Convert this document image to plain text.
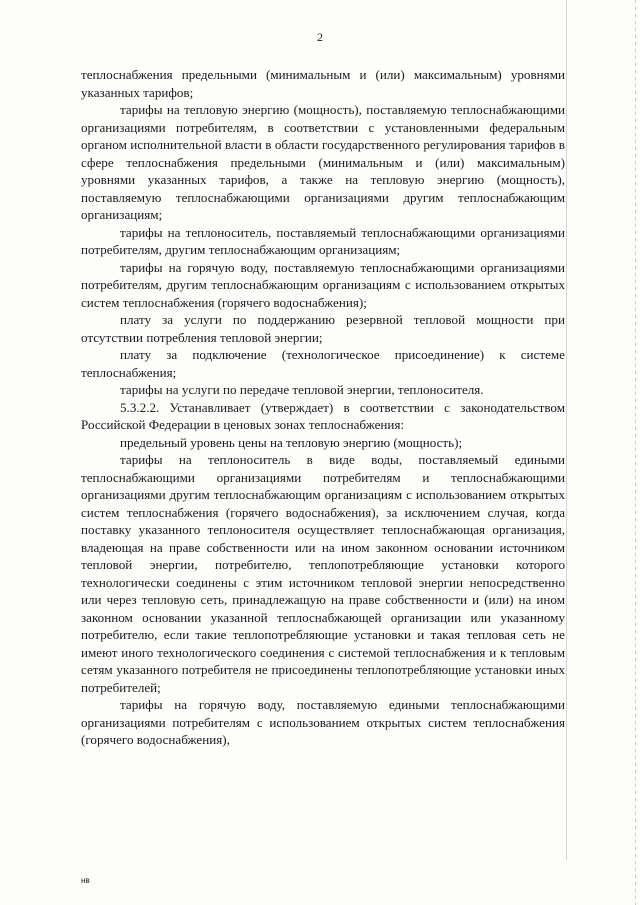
2

теплоснабжения предельными (минимальным и (или) максимальным) уровнями указанных тарифов;

тарифы на тепловую энергию (мощность), поставляемую теплоснабжающими организациями потребителям, в соответствии с установленными федеральным органом исполнительной власти в области государственного регулирования тарифов в сфере теплоснабжения предельными (минимальным и (или) максимальным) уровнями указанных тарифов, а также на тепловую энергию (мощность), поставляемую теплоснабжающими организациями другим теплоснабжающим организациям;

тарифы на теплоноситель, поставляемый теплоснабжающими организациями потребителям, другим теплоснабжающим организациям;

тарифы на горячую воду, поставляемую теплоснабжающими организациями потребителям, другим теплоснабжающим организациям с использованием открытых систем теплоснабжения (горячего водоснабжения);

плату за услуги по поддержанию резервной тепловой мощности при отсутствии потребления тепловой энергии;

плату за подключение (технологическое присоединение) к системе теплоснабжения;

тарифы на услуги по передаче тепловой энергии, теплоносителя.

5.3.2.2. Устанавливает (утверждает) в соответствии с законодательством Российской Федерации в ценовых зонах теплоснабжения:

предельный уровень цены на тепловую энергию (мощность);

тарифы на теплоноситель в виде воды, поставляемый едиными теплоснабжающими организациями потребителям и теплоснабжающими организациями другим теплоснабжающим организациям с использованием открытых систем теплоснабжения (горячего водоснабжения), за исключением случая, когда поставку указанного теплоносителя осуществляет теплоснабжающая организация, владеющая на праве собственности или на ином законном основании источником тепловой энергии, потребителю, теплопотребляющие установки которого технологически соединены с этим источником тепловой энергии непосредственно или через тепловую сеть, принадлежащую на праве собственности и (или) на ином законном основании указанной теплоснабжающей организации или указанному потребителю, если такие теплопотребляющие установки и такая тепловая сеть не имеют иного технологического соединения с системой теплоснабжения и к тепловым сетям указанного потребителя не присоединены теплопотребляющие установки иных потребителей;

тарифы на горячую воду, поставляемую едиными теплоснабжающими организациями потребителям с использованием открытых систем теплоснабжения (горячего водоснабжения),

нв
